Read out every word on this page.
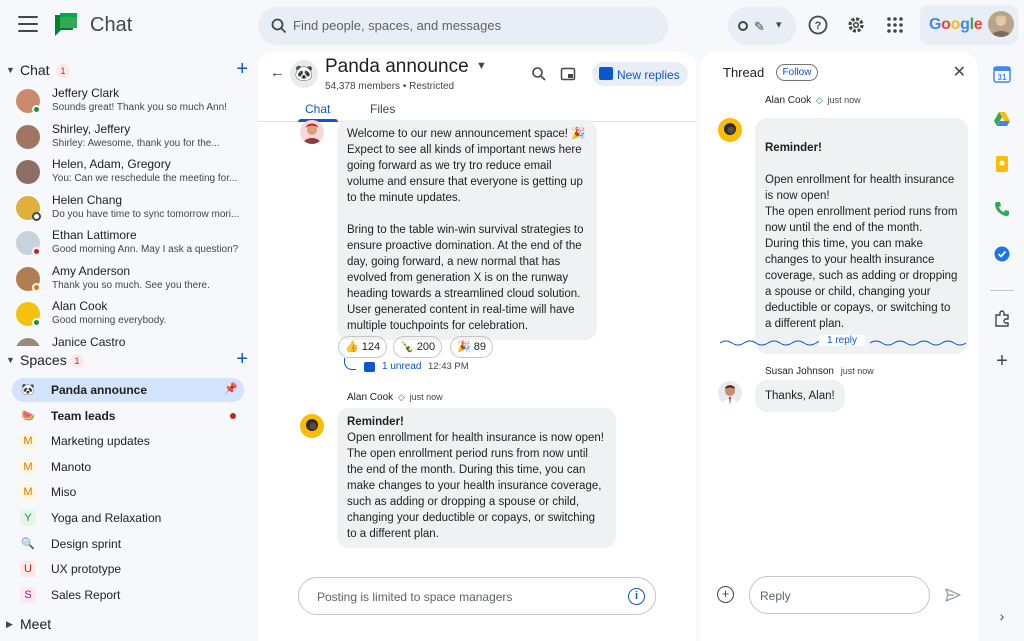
Chat	Find people, spaces, and messages	✎ ▾	?	Google
▼ Chat	1	+
Jeffery Clark
Sounds great! Thank you so much Ann!
Shirley, Jeffery
Shirley: Awesome, thank you for the...
Helen, Adam, Gregory
You: Can we reschedule the meeting for...
Helen Chang
Do you have time to sync tomorrow mori...
Ethan Lattimore
Good morning Ann. May I ask a question?
Amy Anderson
Thank you so much. See you there.
Alan Cook
Good morning everybody.
Janice Castro
▼ Spaces 1	+
🐼 Panda announce	📌
🍉 Team leads
M Marketing updates
M Manoto
M Miso
Y	Yoga and Relaxation
🔍 Design sprint
U	UX prototype
S	Sales Report
▶ Meet
← 🐼 Panda announce ▼
54,378 members • Restricted
New replies
Chat	Files

Welcome to our new announcement space! 🎉 Expect to see all kinds of important news here going forward as we try tro reduce email volume and ensure that everyone is getting up to the minute updates.

Bring to the table win-win survival strategies to ensure proactive domination. At the end of the day, going forward, a new normal that has evolved from generation X is on the runway heading towards a streamlined cloud solution. User generated content in real-time will have multiple touchpoints for celebration.

👍 124	🍾 200	🎉 89
1 unread 12:43 PM
Alan Cook ◇ just now

Reminder!

Open enrollment for health insurance is now open! The open enrollment period runs from now until the end of the month. During this time, you can make changes to your health insurance coverage, such as adding or dropping a spouse or child, changing your deductible or copays, or switching to a different plan.

Posting is limited to space managers	i
Thread	Follow	✕
Alan Cook ◇ just now

Reminder!

Open enrollment for health insurance is now open!
The open enrollment period runs from now until the end of the month. During this time, you can make changes to your health insurance coverage, such as adding or dropping a spouse or child, changing your deductible or copays, or switching to a different plan.

1 reply
Susan Johnson just now

Thanks, Alan!

+	Reply
31
+
›
